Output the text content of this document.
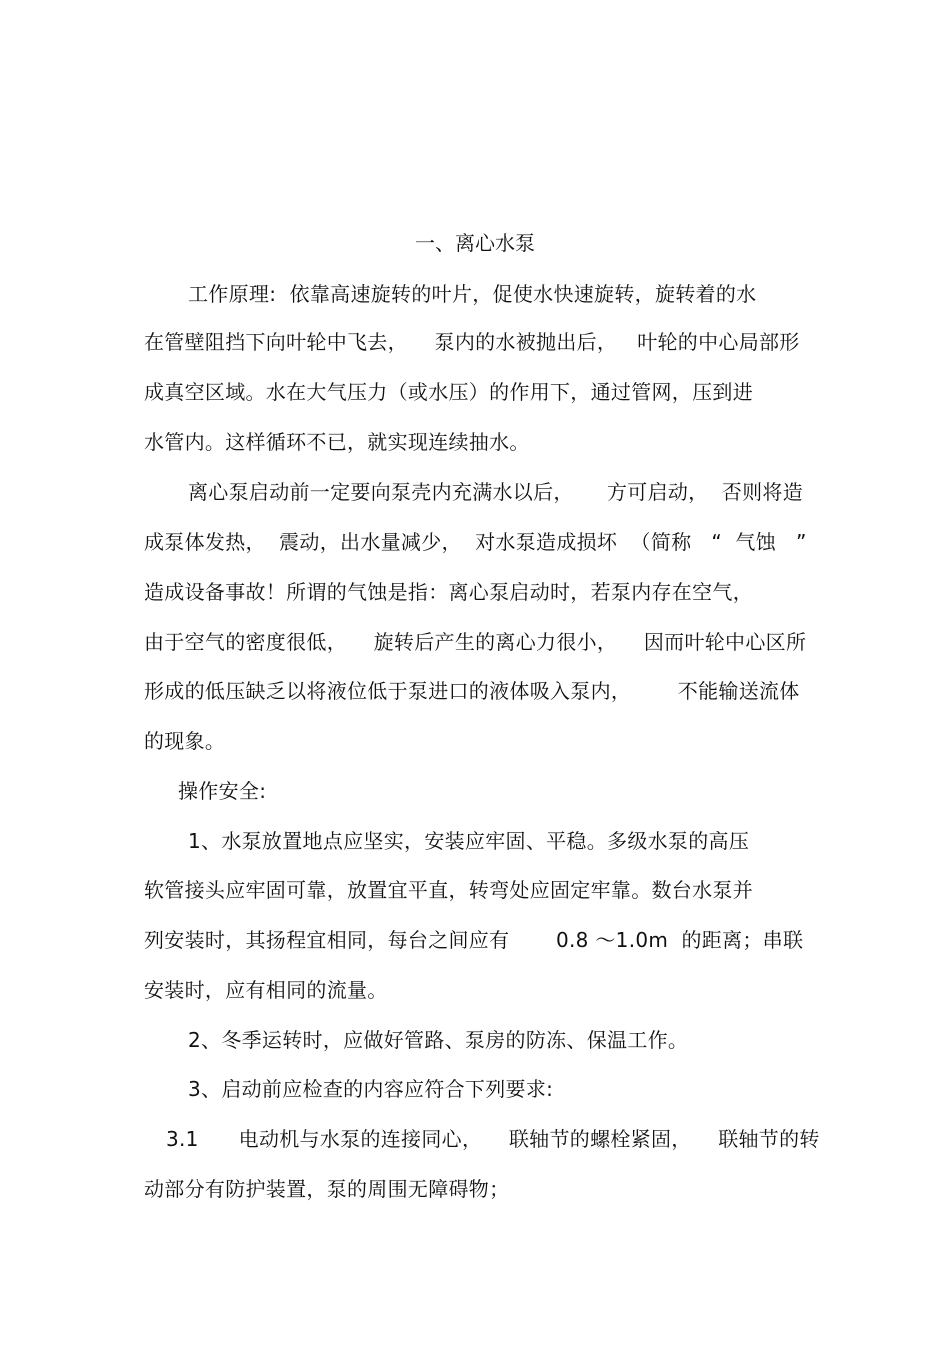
一、离心水泵
工作原理:  依靠高速旋转的叶片，促使水快速旋转，旋转着的水
在管壁阻挡下向叶轮中飞去，    泵内的水被抛出后，   叶轮的中心局部形
成真空区域。水在大气压力（或水压）的作用下，通过管网，压到进
水管内。这样循环不已，就实现连续抽水。
离心泵启动前一定要向泵壳内充满水以后，     方可启动，  否则将造
成泵体发热，  震动，出水量减少，  对水泵造成损坏  （简称   “  气蚀   ”
造成设备事故！所谓的气蚀是指：离心泵启动时，若泵内存在空气，
由于空气的密度很低，    旋转后产生的离心力很小，    因而叶轮中心区所
形成的低压缺乏以将液位低于泵进口的液体吸入泵内，       不能输送流体
的现象。
操作安全:
1、水泵放置地点应坚实，安装应牢固、平稳。多级水泵的高压
软管接头应牢固可靠，放置宜平直，转弯处应固定牢靠。数台水泵并
列安装时，其扬程宜相同，每台之间应有       0.8 ～1.0m  的距离；串联
安装时，应有相同的流量。
2、冬季运转时，应做好管路、泵房的防冻、保温工作。
3、启动前应检查的内容应符合下列要求:
3.1      电动机与水泵的连接同心，    联轴节的螺栓紧固，    联轴节的转
动部分有防护装置，泵的周围无障碍物；
